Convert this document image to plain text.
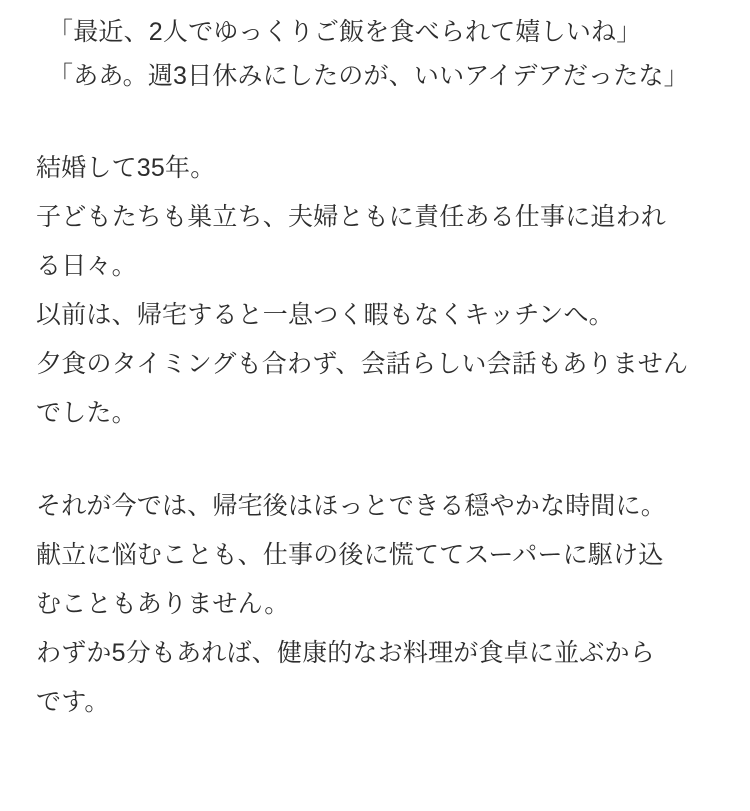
「最近、2人でゆっくりご飯を食べられて嬉しいね」
「ああ。週3日休みにしたのが、いいアイデアだったな」
結婚して35年。
子どもたちも巣立ち、夫婦ともに責任ある仕事に追われ
る日々。
以前は、帰宅すると一息つく暇もなくキッチンへ。
夕食のタイミングも合わず、会話らしい会話もありません
でした。
それが今では、帰宅後はほっとできる穏やかな時間に。
献立に悩むことも、仕事の後に慌ててスーパーに駆け込
むこともありません。
わずか5分もあれば、健康的なお料理が食卓に並ぶから
です。
